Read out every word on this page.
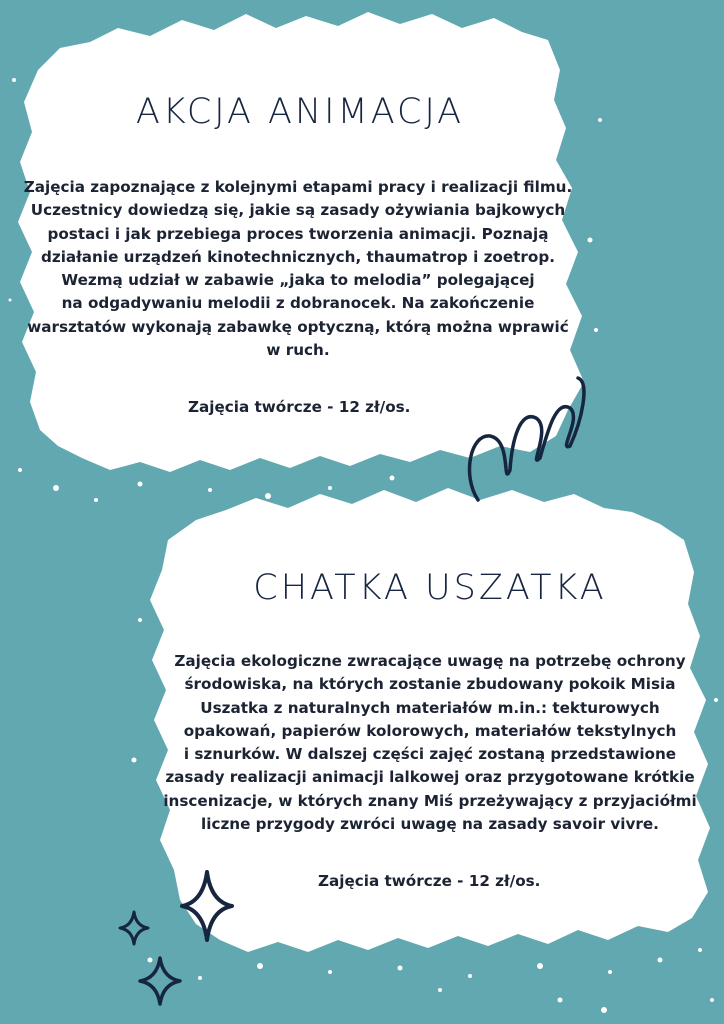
AKCJA ANIMACJA

Zajęcia zapoznające z kolejnymi etapami pracy i realizacji filmu.
Uczestnicy dowiedzą się, jakie są zasady ożywiania bajkowych
postaci i jak przebiega proces tworzenia animacji. Poznają
działanie urządzeń kinotechnicznych, thaumatrop i zoetrop.
Wezmą udział w zabawie „jaka to melodia” polegającej
na odgadywaniu melodii z dobranocek. Na zakończenie
warsztatów wykonają zabawkę optyczną, którą można wprawić
w ruch.

Zajęcia twórcze - 12 zł/os.

CHATKA USZATKA

Zajęcia ekologiczne zwracające uwagę na potrzebę ochrony
środowiska, na których zostanie zbudowany pokoik Misia
Uszatka z naturalnych materiałów m.in.: tekturowych
opakowań, papierów kolorowych, materiałów tekstylnych
i sznurków. W dalszej części zajęć zostaną przedstawione
zasady realizacji animacji lalkowej oraz przygotowane krótkie
inscenizacje, w których znany Miś przeżywający z przyjaciółmi
liczne przygody zwróci uwagę na zasady savoir vivre.

Zajęcia twórcze - 12 zł/os.
